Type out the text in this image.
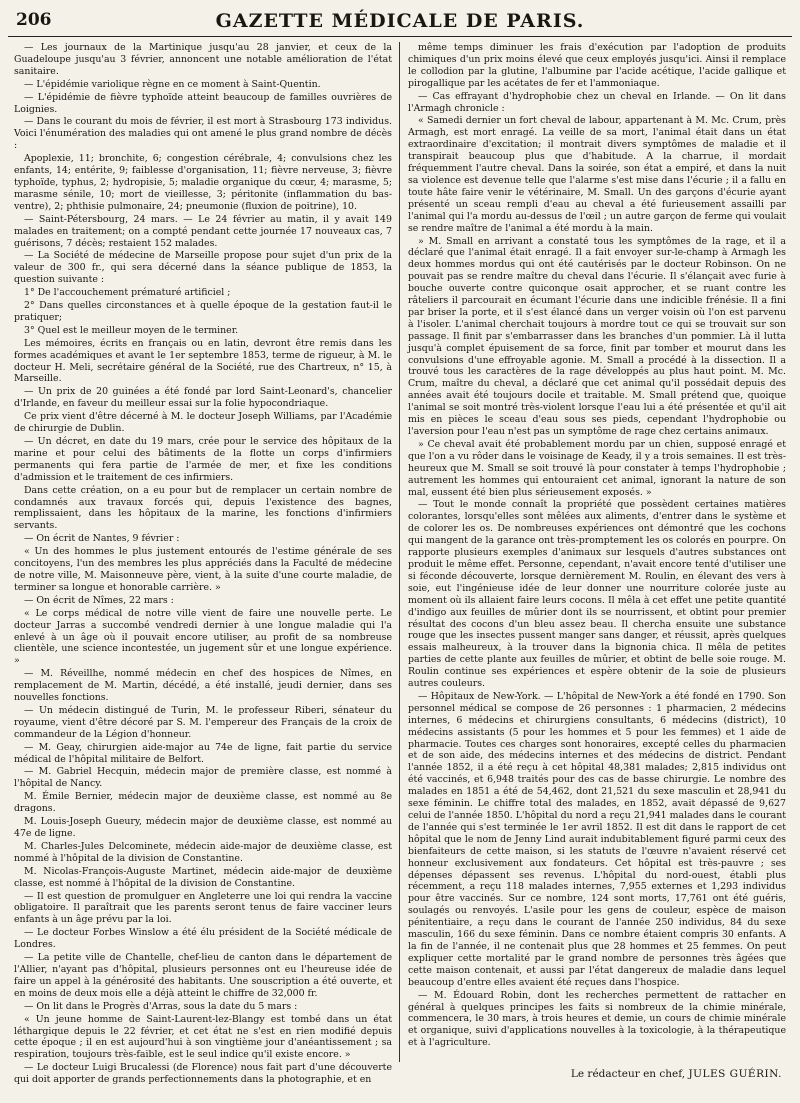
206	GAZETTE MÉDICALE DE PARIS.

— Les journaux de la Martinique jusqu'au 28 janvier, et ceux de la Guadeloupe jusqu'au 3 février, annoncent une notable amélioration de l'état sanitaire.

— L'épidémie variolique règne en ce moment à Saint-Quentin.

— L'épidémie de fièvre typhoïde atteint beaucoup de familles ouvrières de Loignies.

— Dans le courant du mois de février, il est mort à Strasbourg 173 individus. Voici l'énumération des maladies qui ont amené le plus grand nombre de décès :

Apoplexie, 11; bronchite, 6; congestion cérébrale, 4; convulsions chez les enfants, 14; entérite, 9; faiblesse d'organisation, 11; fièvre nerveuse, 3; fièvre typhoïde, typhus, 2; hydropisie, 5; maladie organique du cœur, 4; marasme, 5; marasme sénile, 10; mort de vieillesse, 3; péritonite (inflammation du bas-ventre), 2; phthisie pulmonaire, 24; pneumonie (fluxion de poitrine), 10.

— Saint-Pétersbourg, 24 mars. — Le 24 février au matin, il y avait 149 malades en traitement; on a compté pendant cette journée 17 nouveaux cas, 7 guérisons, 7 décès; restaient 152 malades.

— La Société de médecine de Marseille propose pour sujet d'un prix de la valeur de 300 fr., qui sera décerné dans la séance publique de 1853, la question suivante :

1° De l'accouchement prématuré artificiel ;

2° Dans quelles circonstances et à quelle époque de la gestation faut-il le pratiquer;

3° Quel est le meilleur moyen de le terminer.

Les mémoires, écrits en français ou en latin, devront être remis dans les formes académiques et avant le 1er septembre 1853, terme de rigueur, à M. le docteur H. Meli, secrétaire général de la Société, rue des Chartreux, n° 15, à Marseille.

— Un prix de 20 guinées a été fondé par lord Saint-Leonard's, chancelier d'Irlande, en faveur du meilleur essai sur la folie hypocondriaque.

Ce prix vient d'être décerné à M. le docteur Joseph Williams, par l'Académie de chirurgie de Dublin.

— Un décret, en date du 19 mars, crée pour le service des hôpitaux de la marine et pour celui des bâtiments de la flotte un corps d'infirmiers permanents qui fera partie de l'armée de mer, et fixe les conditions d'admission et le traitement de ces infirmiers.

Dans cette création, on a eu pour but de remplacer un certain nombre de condamnés aux travaux forcés qui, depuis l'existence des bagnes, remplissaient, dans les hôpitaux de la marine, les fonctions d'infirmiers servants.

— On écrit de Nantes, 9 février :

« Un des hommes le plus justement entourés de l'estime générale de ses concitoyens, l'un des membres les plus appréciés dans la Faculté de médecine de notre ville, M. Maisonneuve père, vient, à la suite d'une courte maladie, de terminer sa longue et honorable carrière. »

— On écrit de Nîmes, 22 mars :

« Le corps médical de notre ville vient de faire une nouvelle perte. Le docteur Jarras a succombé vendredi dernier à une longue maladie qui l'a enlevé à un âge où il pouvait encore utiliser, au profit de sa nombreuse clientèle, une science incontestée, un jugement sûr et une longue expérience. »

— M. Réveillhe, nommé médecin en chef des hospices de Nîmes, en remplacement de M. Martin, décédé, a été installé, jeudi dernier, dans ses nouvelles fonctions.

— Un médecin distingué de Turin, M. le professeur Riberi, sénateur du royaume, vient d'être décoré par S. M. l'empereur des Français de la croix de commandeur de la Légion d'honneur.

— M. Geay, chirurgien aide-major au 74e de ligne, fait partie du service médical de l'hôpital militaire de Belfort.

— M. Gabriel Hecquin, médecin major de première classe, est nommé à l'hôpital de Nancy.

M. Émile Bernier, médecin major de deuxième classe, est nommé au 8e dragons.

M. Louis-Joseph Gueury, médecin major de deuxième classe, est nommé au 47e de ligne.

M. Charles-Jules Delcominete, médecin aide-major de deuxième classe, est nommé à l'hôpital de la division de Constantine.

M. Nicolas-François-Auguste Martinet, médecin aide-major de deuxième classe, est nommé à l'hôpital de la division de Constantine.

— Il est question de promulguer en Angleterre une loi qui rendra la vaccine obligatoire. Il paraîtrait que les parents seront tenus de faire vacciner leurs enfants à un âge prévu par la loi.

— Le docteur Forbes Winslow a été élu président de la Société médicale de Londres.

— La petite ville de Chantelle, chef-lieu de canton dans le département de l'Allier, n'ayant pas d'hôpital, plusieurs personnes ont eu l'heureuse idée de faire un appel à la générosité des habitants. Une souscription a été ouverte, et en moins de deux mois elle a déjà atteint le chiffre de 32,000 fr.

— On lit dans le Progrès d'Arras, sous la date du 5 mars :

« Un jeune homme de Saint-Laurent-lez-Blangy est tombé dans un état léthargique depuis le 22 février, et cet état ne s'est en rien modifié depuis cette époque ; il en est aujourd'hui à son vingtième jour d'anéantissement ; sa respiration, toujours très-faible, est le seul indice qu'il existe encore. »

— Le docteur Luigi Brucalessi (de Florence) nous fait part d'une découverte qui doit apporter de grands perfectionnements dans la photographie, et en

même temps diminuer les frais d'exécution par l'adoption de produits chimiques d'un prix moins élevé que ceux employés jusqu'ici. Ainsi il remplace le collodion par la glutine, l'albumine par l'acide acétique, l'acide gallique et pirogallique par les acétates de fer et l'ammoniaque.

— Cas effrayant d'hydrophobie chez un cheval en Irlande. — On lit dans l'Armagh chronicle :

« Samedi dernier un fort cheval de labour, appartenant à M. Mc. Crum, près Armagh, est mort enragé. La veille de sa mort, l'animal était dans un état extraordinaire d'excitation; il montrait divers symptômes de maladie et il transpirait beaucoup plus que d'habitude. A la charrue, il mordait fréquemment l'autre cheval. Dans la soirée, son état a empiré, et dans la nuit sa violence est devenue telle que l'alarme s'est mise dans l'écurie ; il a fallu en toute hâte faire venir le vétérinaire, M. Small. Un des garçons d'écurie ayant présenté un sceau rempli d'eau au cheval a été furieusement assailli par l'animal qui l'a mordu au-dessus de l'œil ; un autre garçon de ferme qui voulait se rendre maître de l'animal a été mordu à la main.

» M. Small en arrivant a constaté tous les symptômes de la rage, et il a déclaré que l'animal était enragé. Il a fait envoyer sur-le-champ à Armagh les deux hommes mordus qui ont été cautérisés par le docteur Robinson. On ne pouvait pas se rendre maître du cheval dans l'écurie. Il s'élançait avec furie à bouche ouverte contre quiconque osait approcher, et se ruant contre les râteliers il parcourait en écumant l'écurie dans une indicible frénésie. Il a fini par briser la porte, et il s'est élancé dans un verger voisin où l'on est parvenu à l'isoler. L'animal cherchait toujours à mordre tout ce qui se trouvait sur son passage. Il finit par s'embarrasser dans les branches d'un pommier. Là il lutta jusqu'à complet épuisement de sa force, finit par tomber et mourut dans les convulsions d'une effroyable agonie. M. Small a procédé à la dissection. Il a trouvé tous les caractères de la rage développés au plus haut point. M. Mc. Crum, maître du cheval, a déclaré que cet animal qu'il possédait depuis des années avait été toujours docile et traitable. M. Small prétend que, quoique l'animal se soit montré très-violent lorsque l'eau lui a été présentée et qu'il ait mis en pièces le sceau d'eau sous ses pieds, cependant l'hydrophobie ou l'aversion pour l'eau n'est pas un symptôme de rage chez certains animaux.

» Ce cheval avait été probablement mordu par un chien, supposé enragé et que l'on a vu rôder dans le voisinage de Keady, il y a trois semaines. Il est très-heureux que M. Small se soit trouvé là pour constater à temps l'hydrophobie ; autrement les hommes qui entouraient cet animal, ignorant la nature de son mal, eussent été bien plus sérieusement exposés. »

— Tout le monde connaît la propriété que possèdent certaines matières colorantes, lorsqu'elles sont mêlées aux aliments, d'entrer dans le système et de colorer les os. De nombreuses expériences ont démontré que les cochons qui mangent de la garance ont très-promptement les os colorés en pourpre. On rapporte plusieurs exemples d'animaux sur lesquels d'autres substances ont produit le même effet. Personne, cependant, n'avait encore tenté d'utiliser une si féconde découverte, lorsque dernièrement M. Roulin, en élevant des vers à soie, eut l'ingénieuse idée de leur donner une nourriture colorée juste au moment où ils allaient faire leurs cocons. Il mêla à cet effet une petite quantité d'indigo aux feuilles de mûrier dont ils se nourrissent, et obtint pour premier résultat des cocons d'un bleu assez beau. Il chercha ensuite une substance rouge que les insectes pussent manger sans danger, et réussit, après quelques essais malheureux, à la trouver dans la bignonia chica. Il mêla de petites parties de cette plante aux feuilles de mûrier, et obtint de belle soie rouge. M. Roulin continue ses expériences et espère obtenir de la soie de plusieurs autres couleurs.

— Hôpitaux de New-York. — L'hôpital de New-York a été fondé en 1790. Son personnel médical se compose de 26 personnes : 1 pharmacien, 2 médecins internes, 6 médecins et chirurgiens consultants, 6 médecins (district), 10 médecins assistants (5 pour les hommes et 5 pour les femmes) et 1 aide de pharmacie. Toutes ces charges sont honoraires, excepté celles du pharmacien et de son aide, des médecins internes et des médecins de district. Pendant l'année 1852, il a été reçu à cet hôpital 48,381 malades; 2,815 individus ont été vaccinés, et 6,948 traités pour des cas de basse chirurgie. Le nombre des malades en 1851 a été de 54,462, dont 21,521 du sexe masculin et 28,941 du sexe féminin. Le chiffre total des malades, en 1852, avait dépassé de 9,627 celui de l'année 1850. L'hôpital du nord a reçu 21,941 malades dans le courant de l'année qui s'est terminée le 1er avril 1852. Il est dit dans le rapport de cet hôpital que le nom de Jenny Lind aurait indubitablement figuré parmi ceux des bienfaiteurs de cette maison, si les statuts de l'œuvre n'avaient réservé cet honneur exclusivement aux fondateurs. Cet hôpital est très-pauvre ; ses dépenses dépassent ses revenus. L'hôpital du nord-ouest, établi plus récemment, a reçu 118 malades internes, 7,955 externes et 1,293 individus pour être vaccinés. Sur ce nombre, 124 sont morts, 17,761 ont été guéris, soulagés ou renvoyés. L'asile pour les gens de couleur, espèce de maison pénitentiaire, a reçu dans le courant de l'année 250 individus, 84 du sexe masculin, 166 du sexe féminin. Dans ce nombre étaient compris 30 enfants. A la fin de l'année, il ne contenait plus que 28 hommes et 25 femmes. On peut expliquer cette mortalité par le grand nombre de personnes très âgées que cette maison contenait, et aussi par l'état dangereux de maladie dans lequel beaucoup d'entre elles avaient été reçues dans l'hospice.

— M. Édouard Robin, dont les recherches permettent de rattacher en général à quelques principes les faits si nombreux de la chimie minérale, commencera, le 30 mars, à trois heures et demie, un cours de chimie minérale et organique, suivi d'applications nouvelles à la toxicologie, à la thérapeutique et à l'agriculture.

Le rédacteur en chef, JULES GUÉRIN.
